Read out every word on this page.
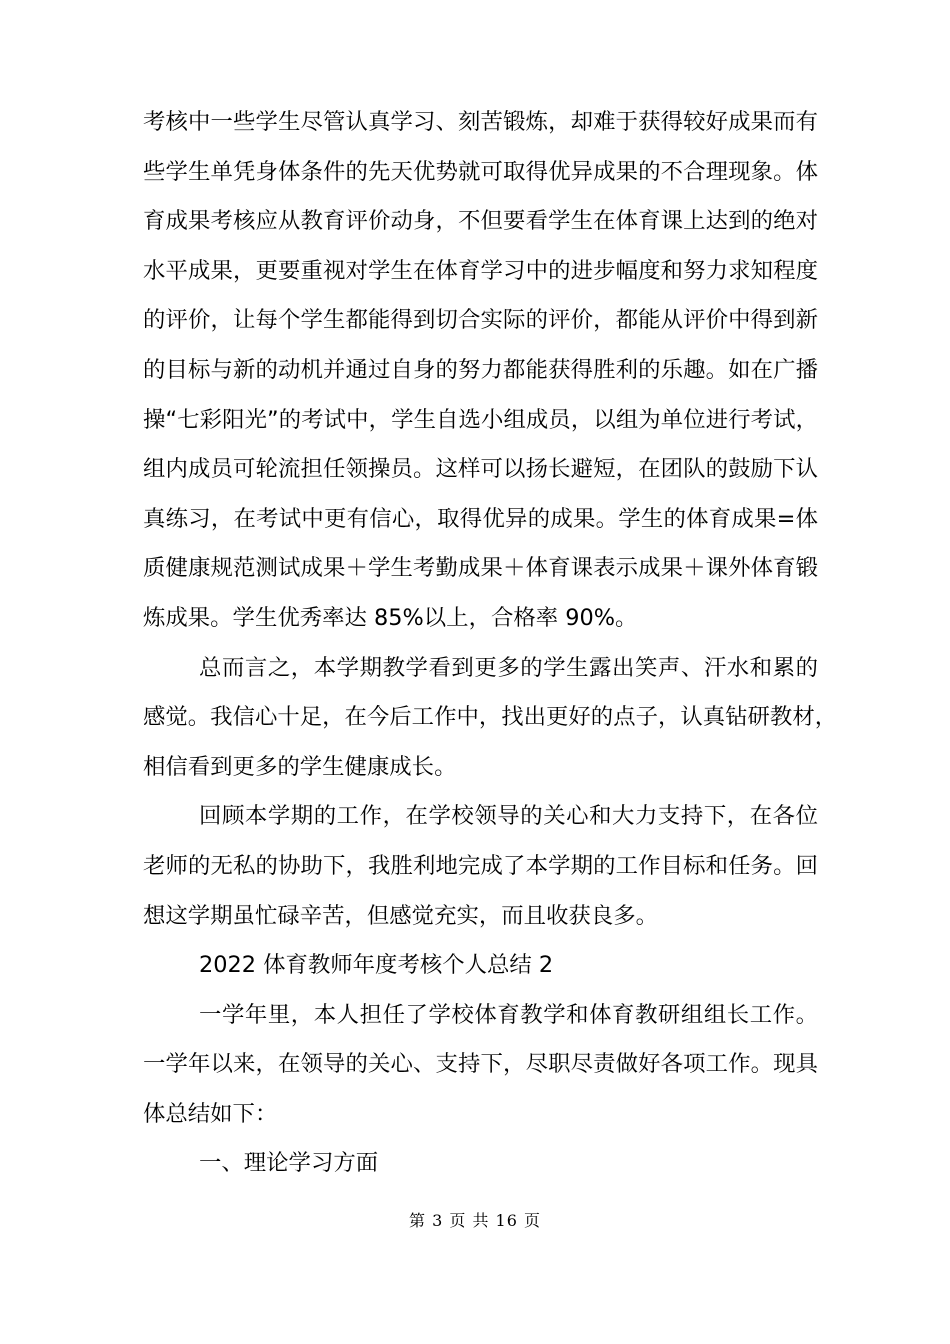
考核中一些学生尽管认真学习、刻苦锻炼，却难于获得较好成果而有
些学生单凭身体条件的先天优势就可取得优异成果的不合理现象。体
育成果考核应从教育评价动身，不但要看学生在体育课上达到的绝对
水平成果，更要重视对学生在体育学习中的进步幅度和努力求知程度
的评价，让每个学生都能得到切合实际的评价，都能从评价中得到新
的目标与新的动机并通过自身的努力都能获得胜利的乐趣。如在广播
操“七彩阳光”的考试中，学生自选小组成员，以组为单位进行考试，
组内成员可轮流担任领操员。这样可以扬长避短，在团队的鼓励下认
真练习，在考试中更有信心，取得优异的成果。学生的体育成果=体
质健康规范测试成果＋学生考勤成果＋体育课表示成果＋课外体育锻
炼成果。学生优秀率达 85%以上，合格率 90%。
总而言之，本学期教学看到更多的学生露出笑声、汗水和累的
感觉。我信心十足，在今后工作中，找出更好的点子，认真钻研教材，
相信看到更多的学生健康成长。
回顾本学期的工作，在学校领导的关心和大力支持下，在各位
老师的无私的协助下，我胜利地完成了本学期的工作目标和任务。回
想这学期虽忙碌辛苦，但感觉充实，而且收获良多。
2022 体育教师年度考核个人总结 2
一学年里，本人担任了学校体育教学和体育教研组组长工作。
一学年以来，在领导的关心、支持下，尽职尽责做好各项工作。现具
体总结如下：
一、理论学习方面
第 3 页 共 16 页
